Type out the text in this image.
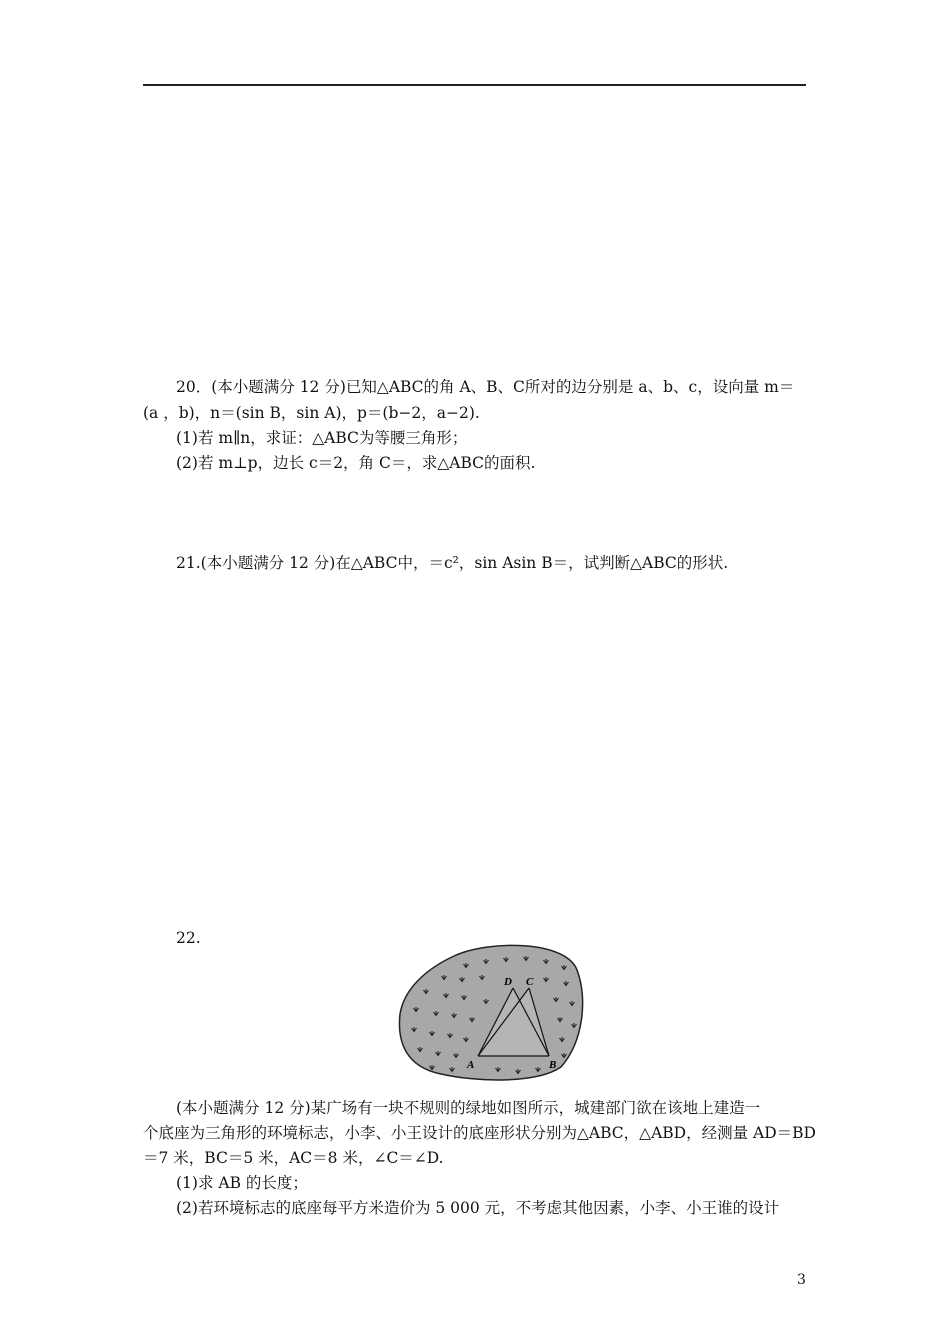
20．(本小题满分 12 分)已知△ABC的角 A、B、C所对的边分别是 a、b、c，设向量 m＝
(a ，b)，n＝(sin B，sin A)，p＝(b−2，a−2).
(1)若 m∥n，求证：△ABC为等腰三角形；
(2)若 m⊥p，边长 c＝2，角 C＝，求△ABC的面积.
21.(本小题满分 12 分)在△ABC中，＝c²，sin Asin B＝，试判断△ABC的形状.
22.
A	B
C
D
(本小题满分 12 分)某广场有一块不规则的绿地如图所示，城建部门欲在该地上建造一
个底座为三角形的环境标志，小李、小王设计的底座形状分别为△ABC，△ABD，经测量 AD＝BD
＝7 米，BC＝5 米，AC＝8 米，∠C＝∠D.
(1)求 AB 的长度；
(2)若环境标志的底座每平方米造价为 5 000 元，不考虑其他因素，小李、小王谁的设计
3
